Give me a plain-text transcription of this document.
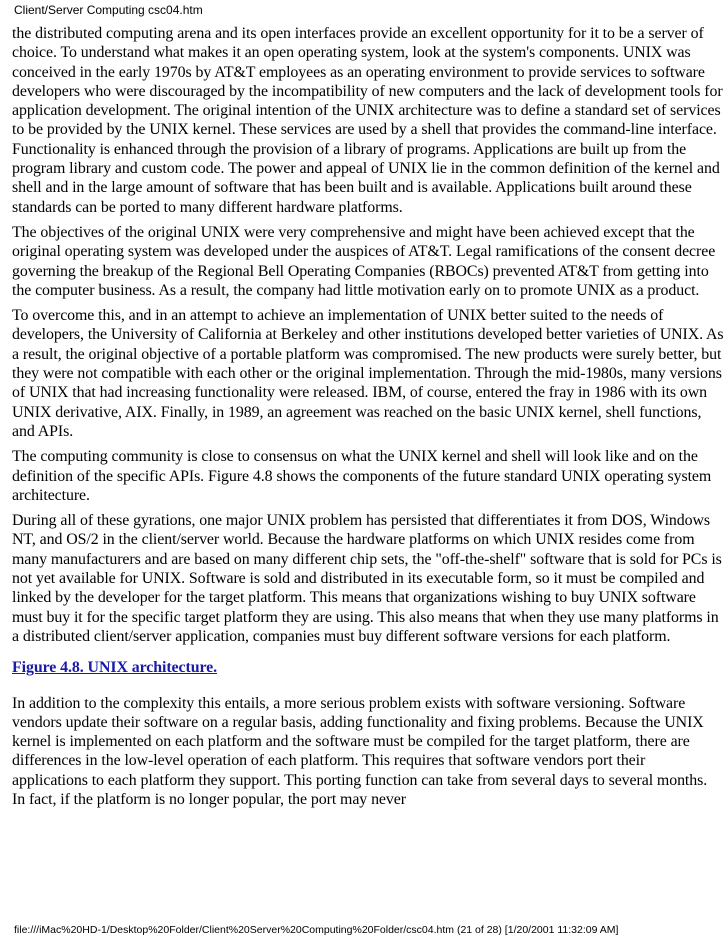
Client/Server Computing csc04.htm

the distributed computing arena and its open interfaces provide an excellent opportunity for it to be a server of choice. To understand what makes it an open operating system, look at the system's components. UNIX was conceived in the early 1970s by AT&T employees as an operating environment to provide services to software developers who were discouraged by the incompatibility of new computers and the lack of development tools for application development. The original intention of the UNIX architecture was to define a standard set of services to be provided by the UNIX kernel. These services are used by a shell that provides the command-line interface. Functionality is enhanced through the provision of a library of programs. Applications are built up from the program library and custom code. The power and appeal of UNIX lie in the common definition of the kernel and shell and in the large amount of software that has been built and is available. Applications built around these standards can be ported to many different hardware platforms.

The objectives of the original UNIX were very comprehensive and might have been achieved except that the original operating system was developed under the auspices of AT&T. Legal ramifications of the consent decree governing the breakup of the Regional Bell Operating Companies (RBOCs) prevented AT&T from getting into the computer business. As a result, the company had little motivation early on to promote UNIX as a product.

To overcome this, and in an attempt to achieve an implementation of UNIX better suited to the needs of developers, the University of California at Berkeley and other institutions developed better varieties of UNIX. As a result, the original objective of a portable platform was compromised. The new products were surely better, but they were not compatible with each other or the original implementation. Through the mid-1980s, many versions of UNIX that had increasing functionality were released. IBM, of course, entered the fray in 1986 with its own UNIX derivative, AIX. Finally, in 1989, an agreement was reached on the basic UNIX kernel, shell functions, and APIs.

The computing community is close to consensus on what the UNIX kernel and shell will look like and on the definition of the specific APIs. Figure 4.8 shows the components of the future standard UNIX operating system architecture.

During all of these gyrations, one major UNIX problem has persisted that differentiates it from DOS, Windows NT, and OS/2 in the client/server world. Because the hardware platforms on which UNIX resides come from many manufacturers and are based on many different chip sets, the "off-the-shelf" software that is sold for PCs is not yet available for UNIX. Software is sold and distributed in its executable form, so it must be compiled and linked by the developer for the target platform. This means that organizations wishing to buy UNIX software must buy it for the specific target platform they are using. This also means that when they use many platforms in a distributed client/server application, companies must buy different software versions for each platform.

Figure 4.8. UNIX architecture.

In addition to the complexity this entails, a more serious problem exists with software versioning. Software vendors update their software on a regular basis, adding functionality and fixing problems. Because the UNIX kernel is implemented on each platform and the software must be compiled for the target platform, there are differences in the low-level operation of each platform. This requires that software vendors port their applications to each platform they support. This porting function can take from several days to several months. In fact, if the platform is no longer popular, the port may never

file:///iMac%20HD-1/Desktop%20Folder/Client%20Server%20Computing%20Folder/csc04.htm (21 of 28) [1/20/2001 11:32:09 AM]
